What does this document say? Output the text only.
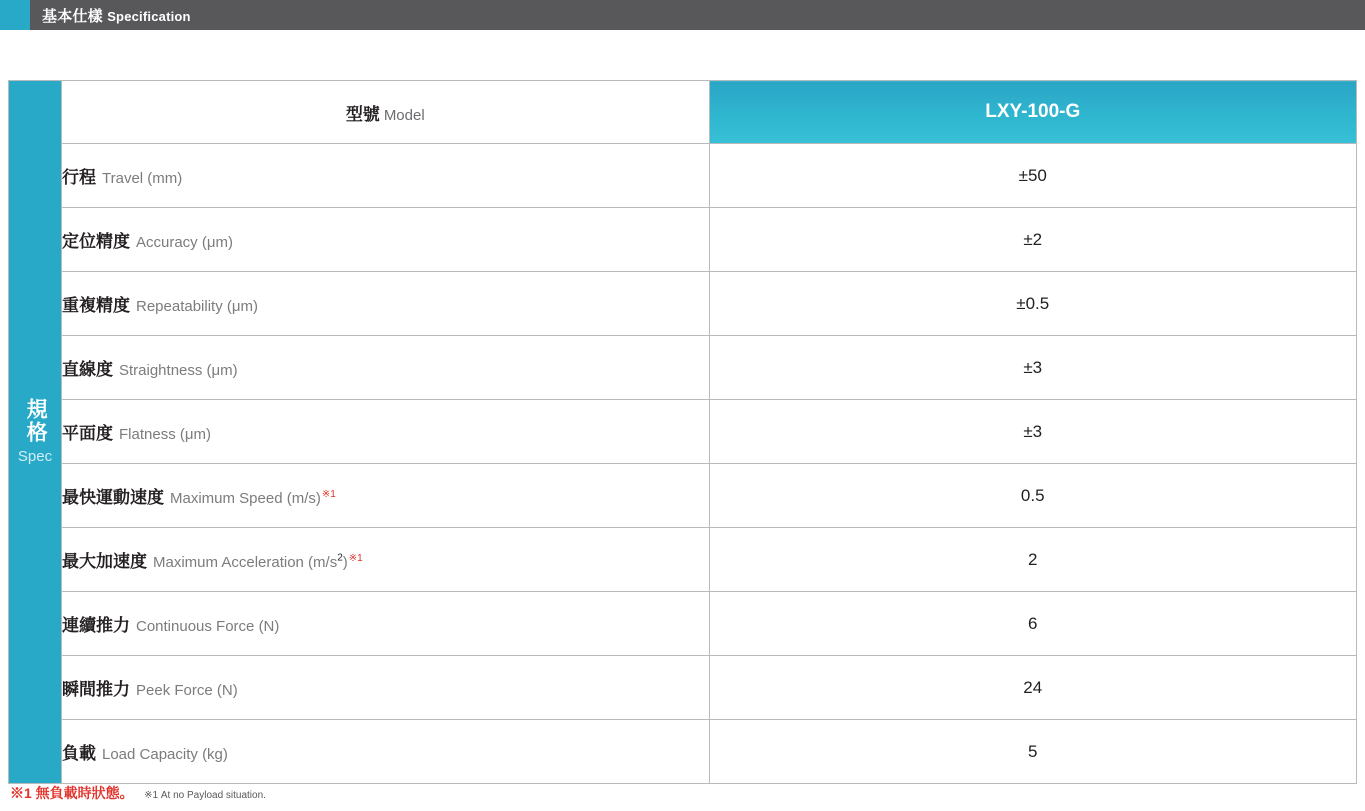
基本仕樣 Specification
規格
Spec	型號 Model	LXY-100-G
	行程 Travel (mm)	±50
	定位精度 Accuracy (μm)	±2
	重複精度 Repeatability (μm)	±0.5
	直線度 Straightness (μm)	±3
	平面度 Flatness (μm)	±3
	最快運動速度 Maximum Speed (m/s)$^{※1}$	0.5
	最大加速度 Maximum Acceleration $(m/s^2)^{※1}$	2
	連續推力 Continuous Force (N)	6
	瞬間推力 Peek Force (N)	24
	負載 Load Capacity (kg)	5
※1 無負載時狀態。 ※1 At no Payload situation.
